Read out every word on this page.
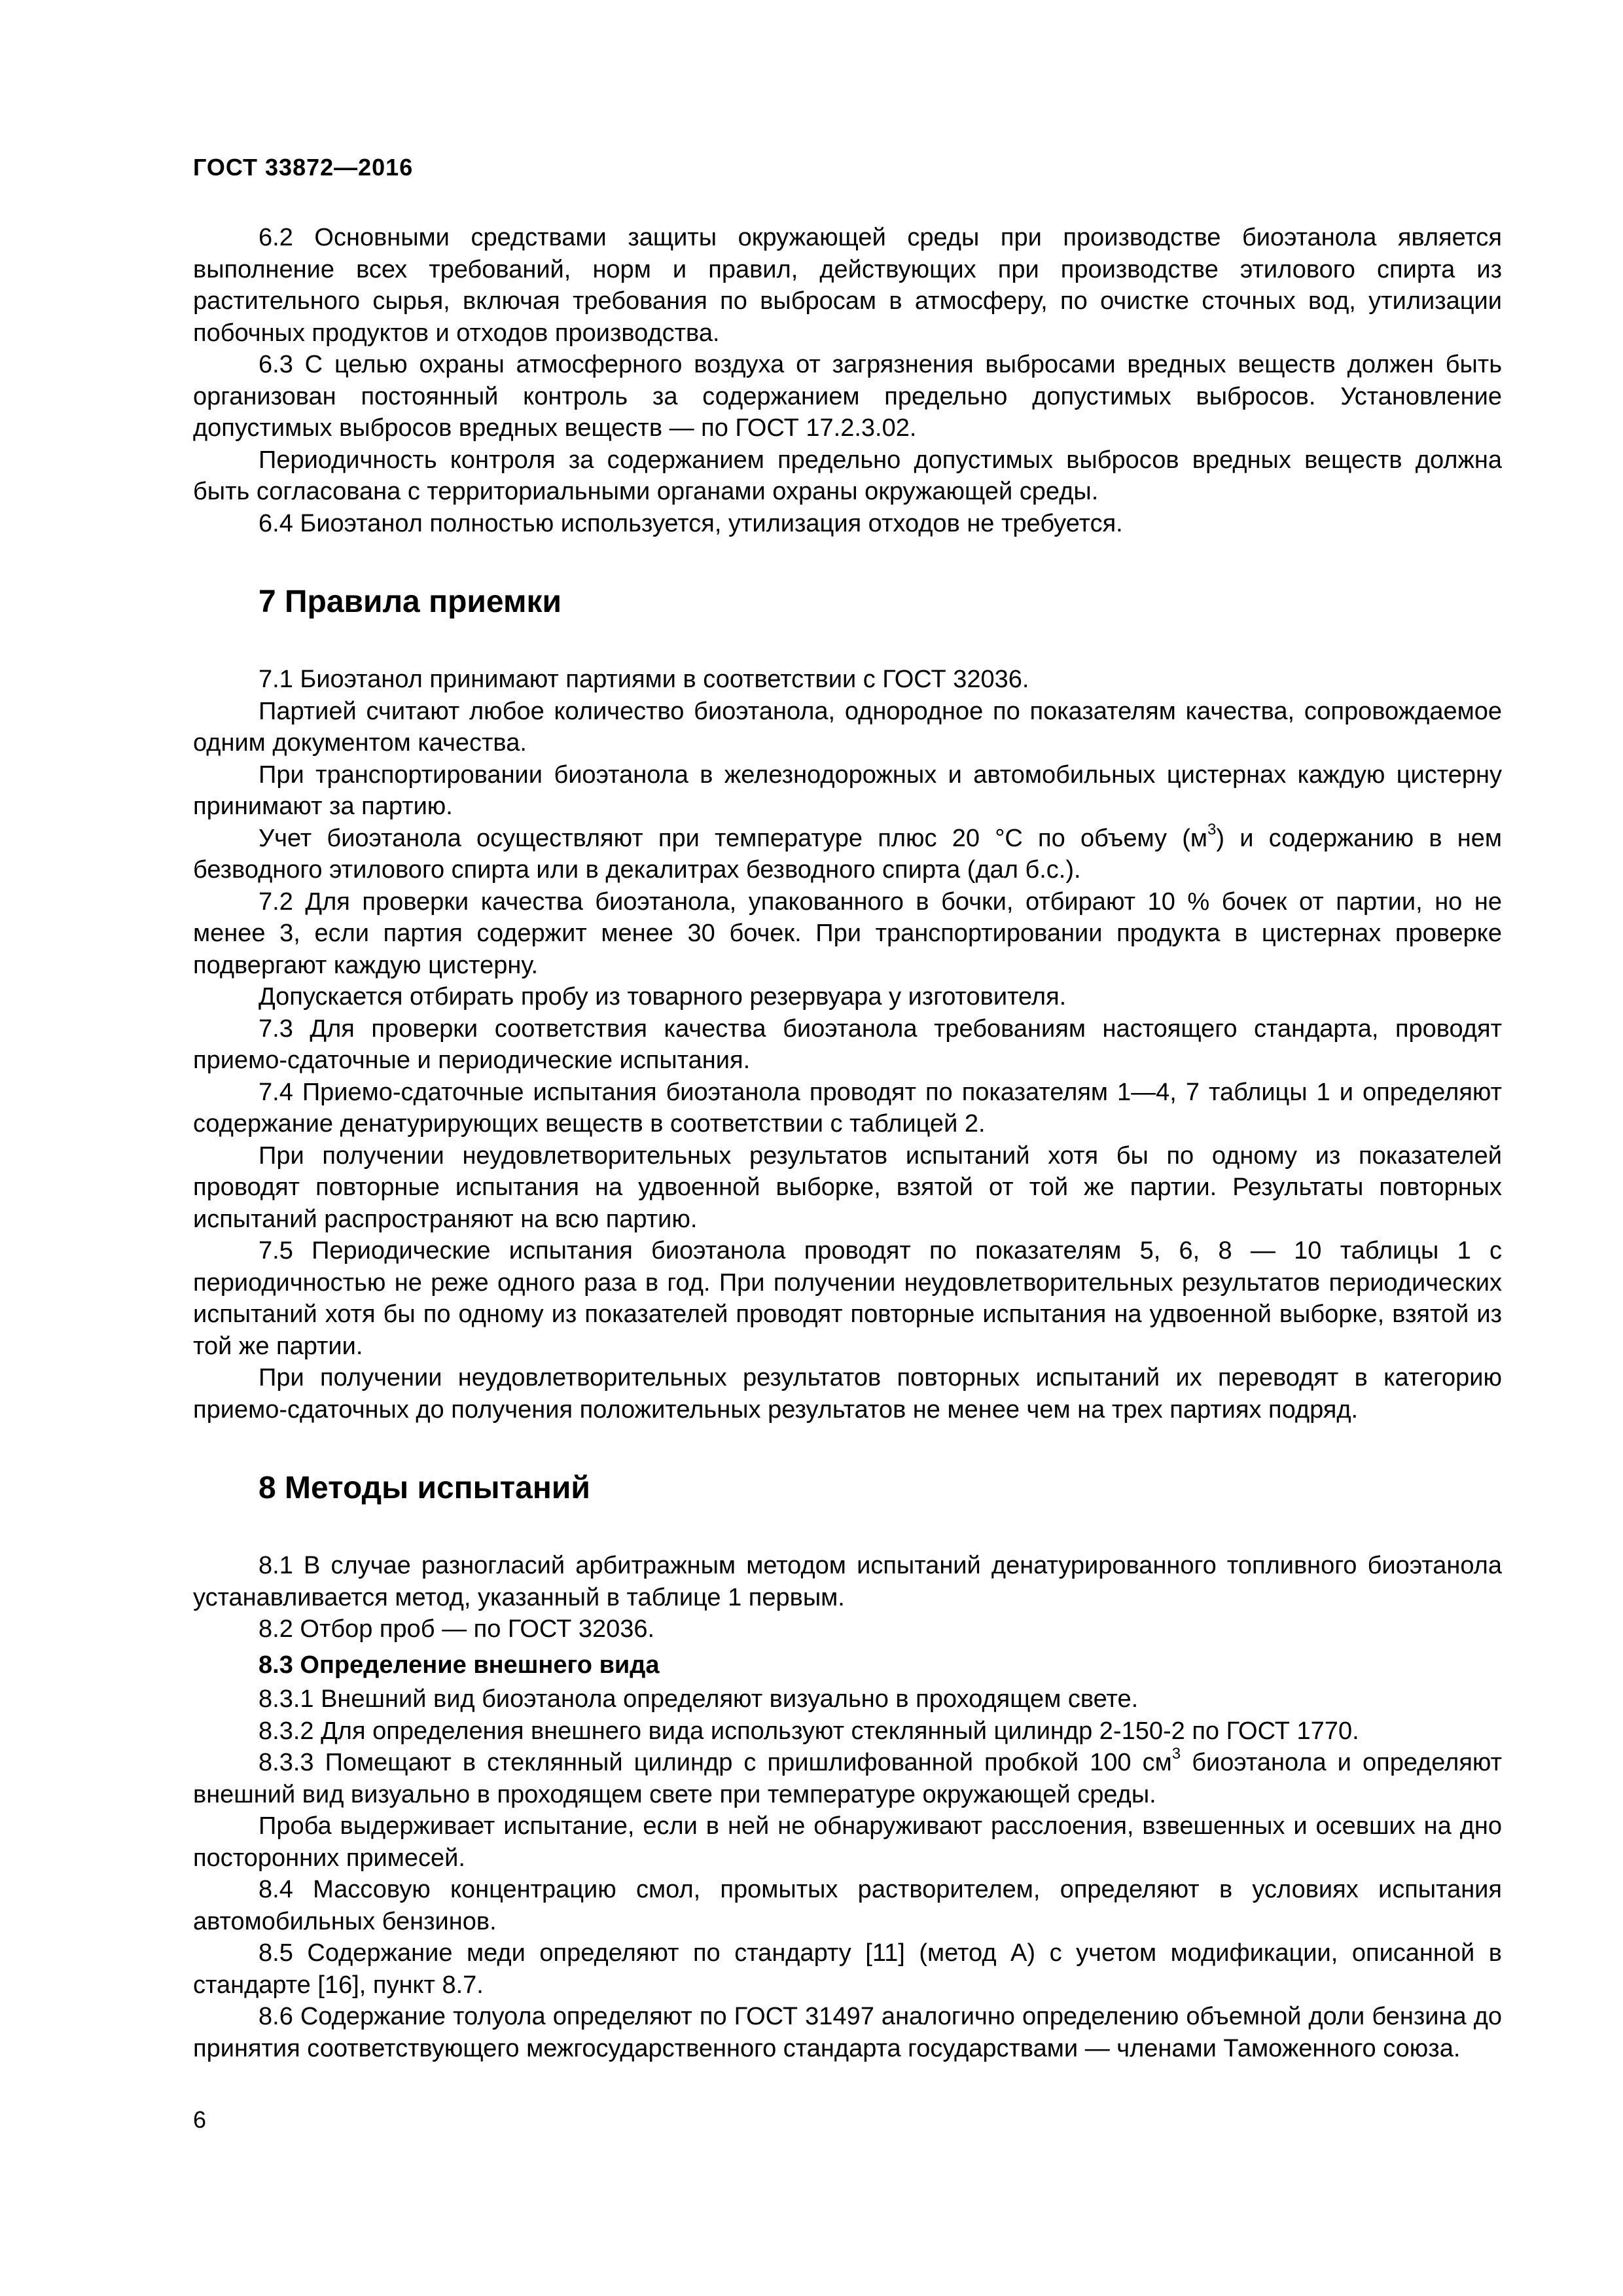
ГОСТ 33872—2016

6.2 Основными средствами защиты окружающей среды при производстве биоэтанола является выполнение всех требований, норм и правил, действующих при производстве этилового спирта из растительного сырья, включая требования по выбросам в атмосферу, по очистке сточных вод, утилизации побочных продуктов и отходов производства.

6.3 С целью охраны атмосферного воздуха от загрязнения выбросами вредных веществ должен быть организован постоянный контроль за содержанием предельно допустимых выбросов. Установление допустимых выбросов вредных веществ — по ГОСТ 17.2.3.02.

Периодичность контроля за содержанием предельно допустимых выбросов вредных веществ должна быть согласована с территориальными органами охраны окружающей среды.

6.4 Биоэтанол полностью используется, утилизация отходов не требуется.

7 Правила приемки

7.1 Биоэтанол принимают партиями в соответствии с ГОСТ 32036.

Партией считают любое количество биоэтанола, однородное по показателям качества, сопровождаемое одним документом качества.

При транспортировании биоэтанола в железнодорожных и автомобильных цистернах каждую цистерну принимают за партию.

Учет биоэтанола осуществляют при температуре плюс 20 °С по объему $(м^3)$ и содержанию в нем безводного этилового спирта или в декалитрах безводного спирта (дал б.с.).

7.2 Для проверки качества биоэтанола, упакованного в бочки, отбирают 10 % бочек от партии, но не менее 3, если партия содержит менее 30 бочек. При транспортировании продукта в цистернах проверке подвергают каждую цистерну.

Допускается отбирать пробу из товарного резервуара у изготовителя.

7.3 Для проверки соответствия качества биоэтанола требованиям настоящего стандарта, проводят приемо-сдаточные и периодические испытания.

7.4 Приемо-сдаточные испытания биоэтанола проводят по показателям 1—4, 7 таблицы 1 и определяют содержание денатурирующих веществ в соответствии с таблицей 2.

При получении неудовлетворительных результатов испытаний хотя бы по одному из показателей проводят повторные испытания на удвоенной выборке, взятой от той же партии. Результаты повторных испытаний распространяют на всю партию.

7.5 Периодические испытания биоэтанола проводят по показателям 5, 6, 8 — 10 таблицы 1 с периодичностью не реже одного раза в год. При получении неудовлетворительных результатов периодических испытаний хотя бы по одному из показателей проводят повторные испытания на удвоенной выборке, взятой из той же партии.

При получении неудовлетворительных результатов повторных испытаний их переводят в категорию приемо-сдаточных до получения положительных результатов не менее чем на трех партиях подряд.

8 Методы испытаний

8.1 В случае разногласий арбитражным методом испытаний денатурированного топливного биоэтанола устанавливается метод, указанный в таблице 1 первым.

8.2 Отбор проб — по ГОСТ 32036.

8.3 Определение внешнего вида

8.3.1 Внешний вид биоэтанола определяют визуально в проходящем свете.

8.3.2 Для определения внешнего вида используют стеклянный цилиндр 2-150-2 по ГОСТ 1770.

8.3.3 Помещают в стеклянный цилиндр с пришлифованной пробкой 100 $см^3$ биоэтанола и определяют внешний вид визуально в проходящем свете при температуре окружающей среды.

Проба выдерживает испытание, если в ней не обнаруживают расслоения, взвешенных и осевших на дно посторонних примесей.

8.4 Массовую концентрацию смол, промытых растворителем, определяют в условиях испытания автомобильных бензинов.

8.5 Содержание меди определяют по стандарту [11] (метод А) с учетом модификации, описанной в стандарте [16], пункт 8.7.

8.6 Содержание толуола определяют по ГОСТ 31497 аналогично определению объемной доли бензина до принятия соответствующего межгосударственного стандарта государствами — членами Таможенного союза.

6
